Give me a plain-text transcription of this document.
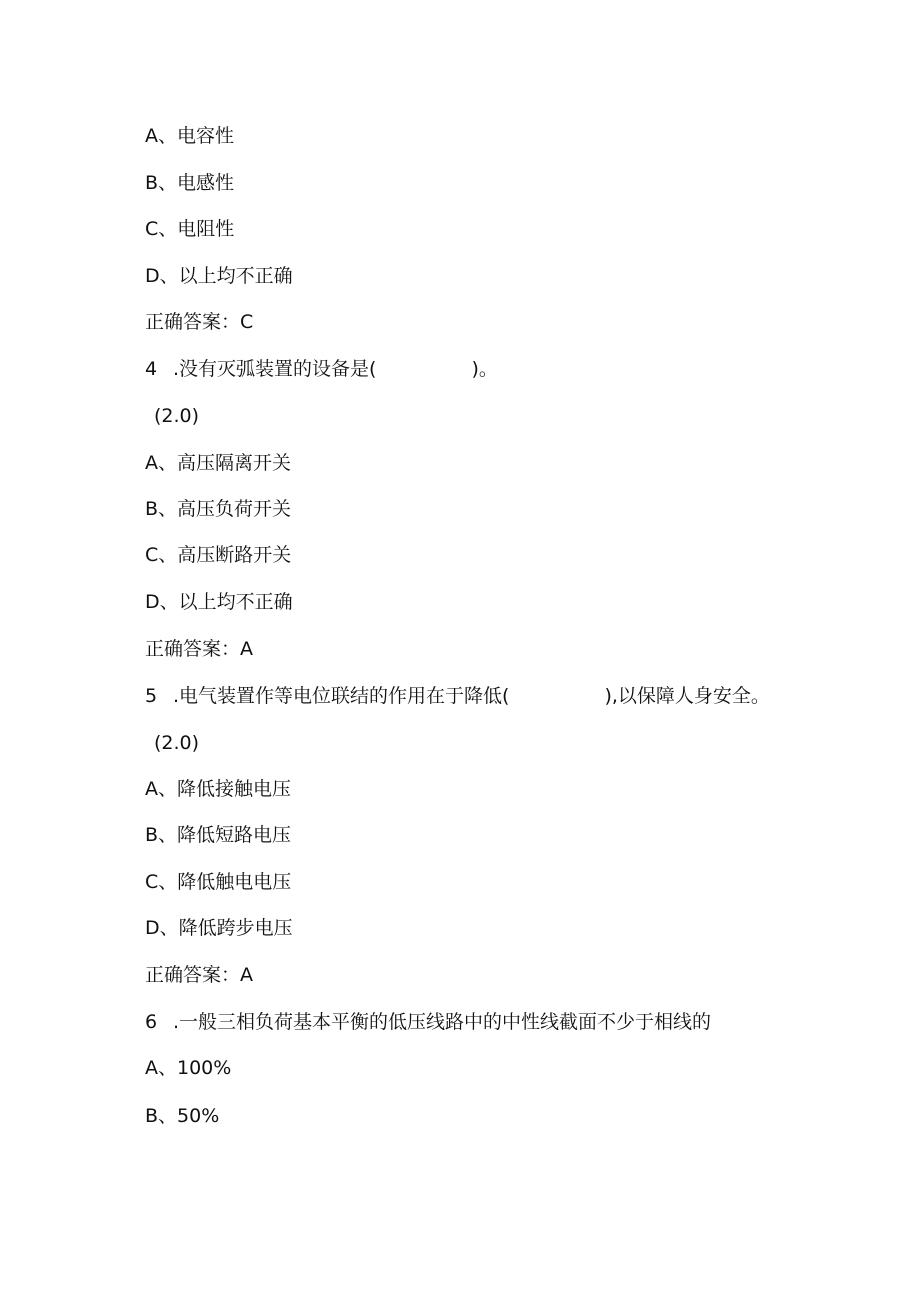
A、电容性
B、电感性
C、电阻性
D、以上均不正确
正确答案：C
4 .没有灭弧装置的设备是(　　　　　)。
(2.0)
A、高压隔离开关
B、高压负荷开关
C、高压断路开关
D、以上均不正确
正确答案：A
5 .电气装置作等电位联结的作用在于降低(　　　　　),以保障人身安全。
(2.0)
A、降低接触电压
B、降低短路电压
C、降低触电电压
D、降低跨步电压
正确答案：A
6 .一般三相负荷基本平衡的低压线路中的中性线截面不少于相线的
A、100%
B、50%
